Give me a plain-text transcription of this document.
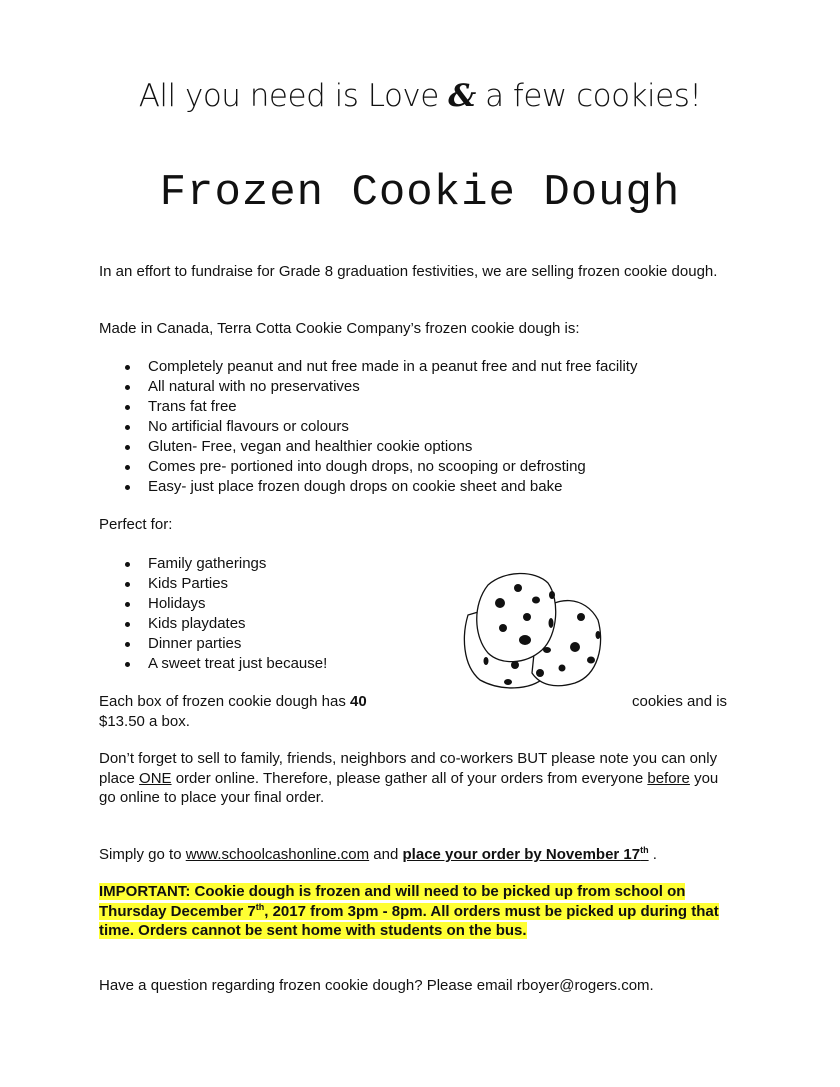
All you need is Love & a few cookies!
Frozen Cookie Dough
In an effort to fundraise for Grade 8 graduation festivities, we are selling frozen cookie dough.
Made in Canada, Terra Cotta Cookie Company’s frozen cookie dough is:
Completely peanut and nut free made in a peanut free and nut free facility
All natural with no preservatives
Trans fat free
No artificial flavours or colours
Gluten- Free, vegan and healthier cookie options
Comes pre- portioned into dough drops, no scooping or defrosting
Easy- just place frozen dough drops on cookie sheet and bake
Perfect for:
Family gatherings
Kids Parties
Holidays
Kids playdates
Dinner parties
A sweet treat just because!
Each box of frozen cookie dough has 40	cookies and is
$13.50 a box.
Don’t forget to sell to family, friends, neighbors and co-workers BUT please note you can only place ONE order online. Therefore, please gather all of your orders from everyone before you go online to place your final order.
Simply go to www.schoolcashonline.com and place your order by November 17th .
IMPORTANT: Cookie dough is frozen and will need to be picked up from school on Thursday December 7th, 2017 from 3pm - 8pm. All orders must be picked up during that time. Orders cannot be sent home with students on the bus.
Have a question regarding frozen cookie dough? Please email rboyer@rogers.com.
